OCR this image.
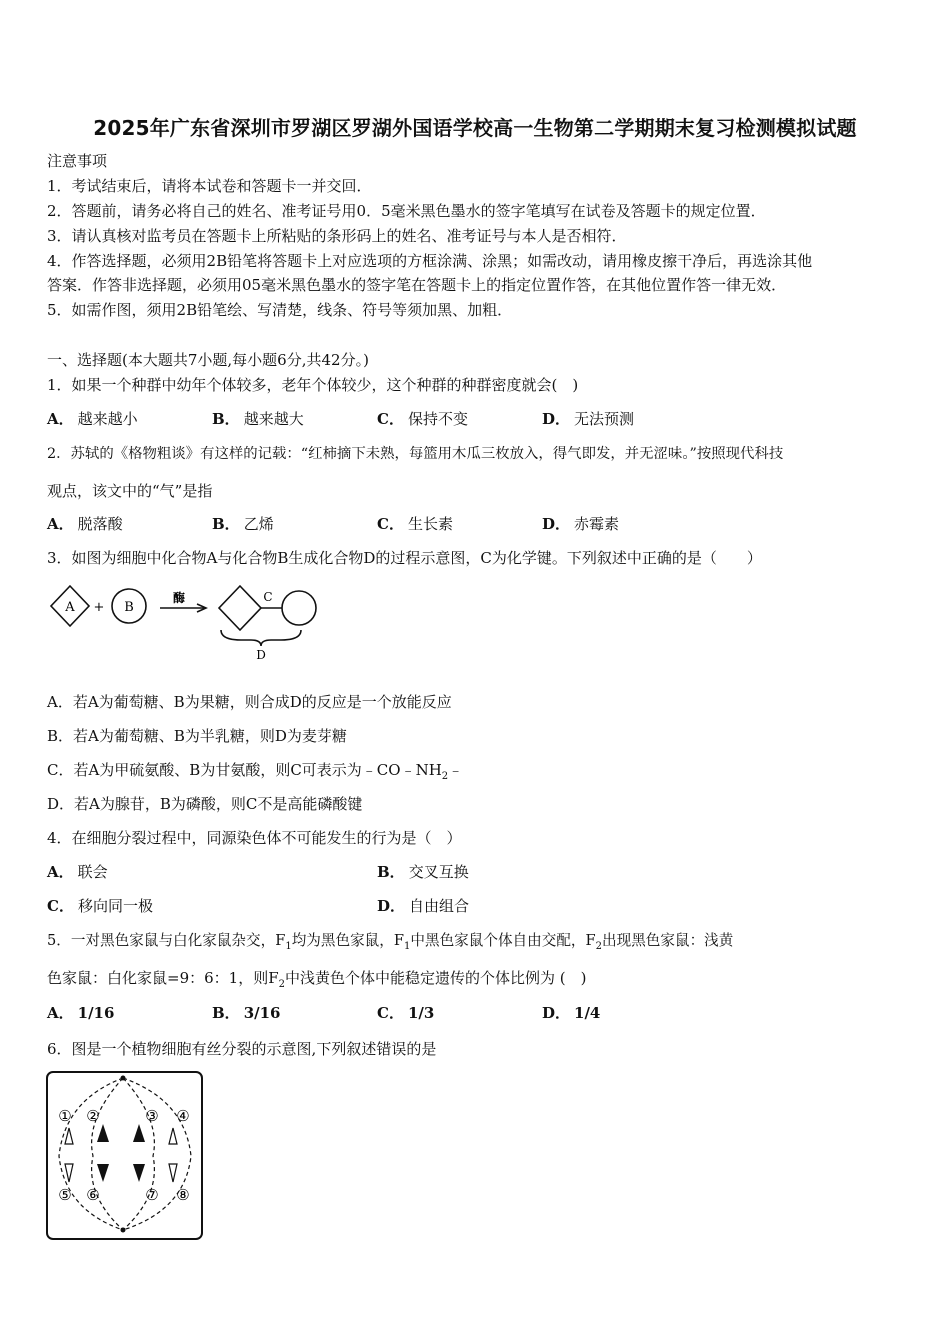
2025年广东省深圳市罗湖区罗湖外国语学校高一生物第二学期期末复习检测模拟试题
注意事项
1．考试结束后，请将本试卷和答题卡一并交回．
2．答题前，请务必将自己的姓名、准考证号用0．5毫米黑色墨水的签字笔填写在试卷及答题卡的规定位置．
3．请认真核对监考员在答题卡上所粘贴的条形码上的姓名、准考证号与本人是否相符．
4．作答选择题，必须用2B铅笔将答题卡上对应选项的方框涂满、涂黑；如需改动，请用橡皮擦干净后，再选涂其他
答案．作答非选择题，必须用05毫米黑色墨水的签字笔在答题卡上的指定位置作答，在其他位置作答一律无效．
5．如需作图，须用2B铅笔绘、写清楚，线条、符号等须加黑、加粗．
一、选择题(本大题共7小题,每小题6分,共42分。)
1．如果一个种群中幼年个体较多，老年个体较少，这个种群的种群密度就会(　)
A． 越来越小	B． 越来越大	C． 保持不变	D． 无法预测
2．苏轼的《格物粗谈》有这样的记载：“红柿摘下未熟，每篮用木瓜三枚放入，得气即发，并无涩味。”按照现代科技
观点，该文中的“气”是指
A． 脱落酸	B． 乙烯	C． 生长素	D． 赤霉素
3．如图为细胞中化合物A与化合物B生成化合物D的过程示意图，C为化学键。下列叙述中正确的是（　　）
A + B
酶	C
D
A．若A为葡萄糖、B为果糖，则合成D的反应是一个放能反应
B．若A为葡萄糖、B为半乳糖，则D为麦芽糖
C．若A为甲硫氨酸、B为甘氨酸，则C可表示为$﹣CO﹣NH_2﹣$
D．若A为腺苷，B为磷酸，则C不是高能磷酸键
4．在细胞分裂过程中，同源染色体不可能发生的行为是（　）
A． 联会	B． 交叉互换
C． 移向同一极	D． 自由组合
5．一对黑色家鼠与白化家鼠杂交，$F_1$均为黑色家鼠，$F_1$中黑色家鼠个体自由交配，$F_2$出现黑色家鼠：浅黄
色家鼠：白化家鼠=9：6：1，则$F_2$中浅黄色个体中能稳定遗传的个体比例为 (　)
A． 1/16	B． 3/16	C． 1/3	D． 1/4
6．图是一个植物细胞有丝分裂的示意图,下列叙述错误的是
① ②	③ ④
⑤ ⑥	⑦ ⑧
